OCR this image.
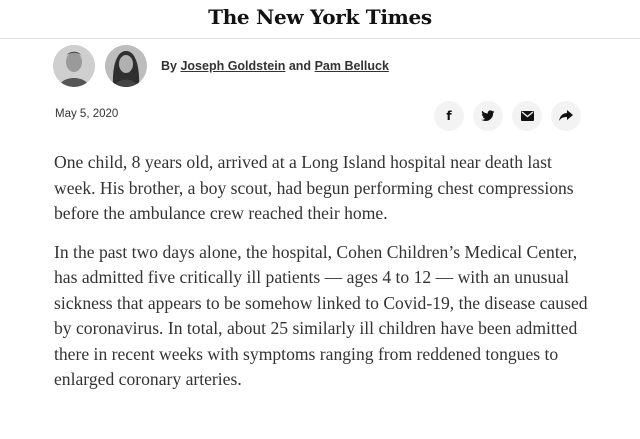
The New York Times
By Joseph Goldstein and Pam Belluck
May 5, 2020	f

One child, 8 years old, arrived at a Long Island hospital near death last week. His brother, a boy scout, had begun performing chest compressions before the ambulance crew reached their home.

In the past two days alone, the hospital, Cohen Children’s Medical Center, has admitted five critically ill patients — ages 4 to 12 — with an unusual sickness that appears to be somehow linked to Covid-19, the disease caused by coronavirus. In total, about 25 similarly ill children have been admitted there in recent weeks with symptoms ranging from reddened tongues to enlarged coronary arteries.
